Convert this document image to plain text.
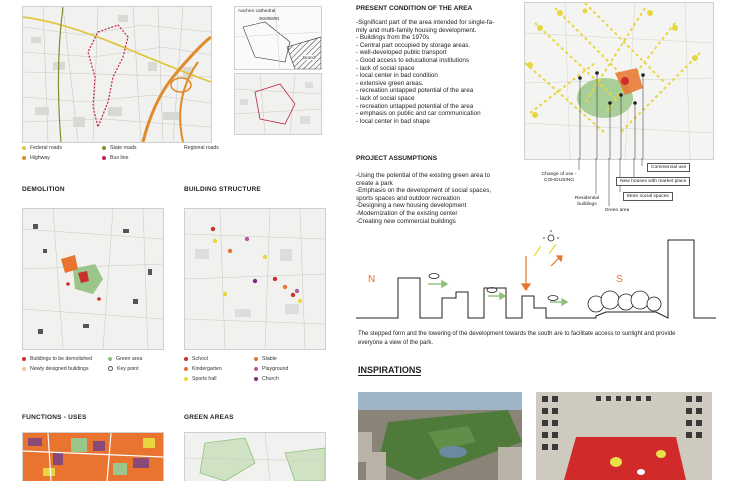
Federal roads	State roads	Regional roads
Highway	Bus line
Aachen cathedral
3KM/5MIN
Brand
DEMOLITION
Buildings to be demolished	Green area
Newly designed buildings	Key point
BUILDING STRUCTURE
School	Stable
Kindergarten	Playground
Sports hall	Church
FUNCTIONS - USES	GREEN AREAS
PRESENT CONDITION OF THE AREA
-Significant part of the area intended for single-fa-
mily and multi-family housing development.
- Buildings from the 1970s
- Central part occupied by storage areas.
- well-developed public transport
- Good access to educational institutions
- lack of social space
- local center in bad condition
- extensive green areas.
- recreation untapped potential of the area
- lack of social space
- recreation untapped potential of the area
- emphasis on public and car communication
- local center in bad shape
PROJECT ASSUMPTIONS
-Using the potential of the existing green area to
create a park
-Emphasis on the development of social spaces,
sports spaces and outdoor recreation
-Designing a new housing development
-Modernization of the existing center
-Creating new commercial buildings
Change of use -
COHOUSING
Residential
buildings
Green area
More social spaces
New houses with market place
Commercial use
N	S
The stepped form and the lowering of the development towards the south are to facilitate access to sunlight and provide
everyone a view of the park.
INSPIRATIONS
